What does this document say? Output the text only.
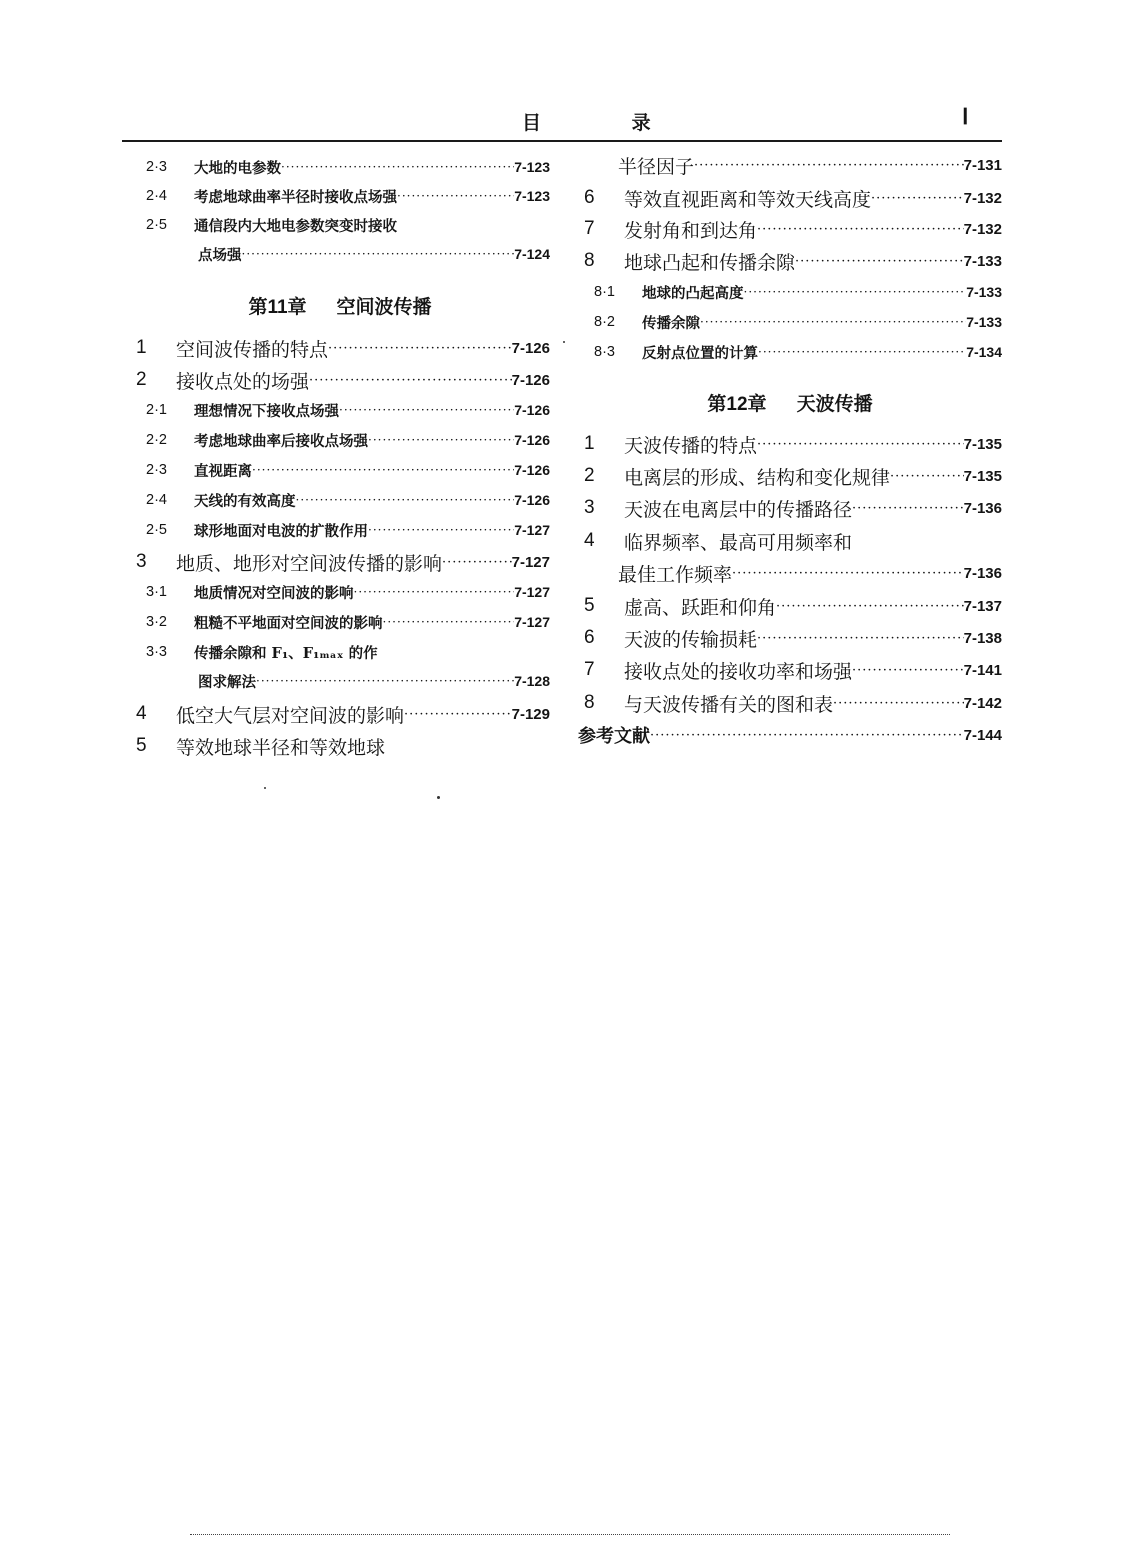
目 录	Ⅰ
2·3	大地的电参数 ·····	7-123
2·4	考虑地球曲率半径时接收点场强 ·····	7-123
2·5	通信段内大地电参数突变时接收
点场强 ·····	7-124
第11章 空间波传播
1	空间波传播的特点 ·····	7-126
2	接收点处的场强 ·····	7-126
2·1	理想情况下接收点场强 ·····	7-126
2·2	考虑地球曲率后接收点场强 ·····	7-126
2·3	直视距离 ·····	7-126
2·4	天线的有效高度 ·····	7-126
2·5	球形地面对电波的扩散作用 ·····	7-127
3	地质、地形对空间波传播的影响 ·····	7-127
3·1	地质情况对空间波的影响 ·····	7-127
3·2	粗糙不平地面对空间波的影响 ·····	7-127
3·3	传播余隙和 F₁、F₁ₘₐₓ 的作
图求解法 ·····	7-128
4	低空大气层对空间波的影响 ·····	7-129
5	等效地球半径和等效地球
半径因子 ·····	7-131
6	等效直视距离和等效天线高度 ·····	7-132
7	发射角和到达角 ·····	7-132
8	地球凸起和传播余隙 ·····	7-133
8·1	地球的凸起高度 ·····	7-133
8·2	传播余隙 ·····	7-133
8·3	反射点位置的计算 ·····	7-134
第12章 天波传播
1	天波传播的特点 ·····	7-135
2	电离层的形成、结构和变化规律 ·····	7-135
3	天波在电离层中的传播路径 ·····	7-136
4	临界频率、最高可用频率和
最佳工作频率 ·····	7-136
5	虚高、跃距和仰角 ·····	7-137
6	天波的传输损耗 ·····	7-138
7	接收点处的接收功率和场强 ·····	7-141
8	与天波传播有关的图和表 ·····	7-142
参考文献 ·····	7-144
